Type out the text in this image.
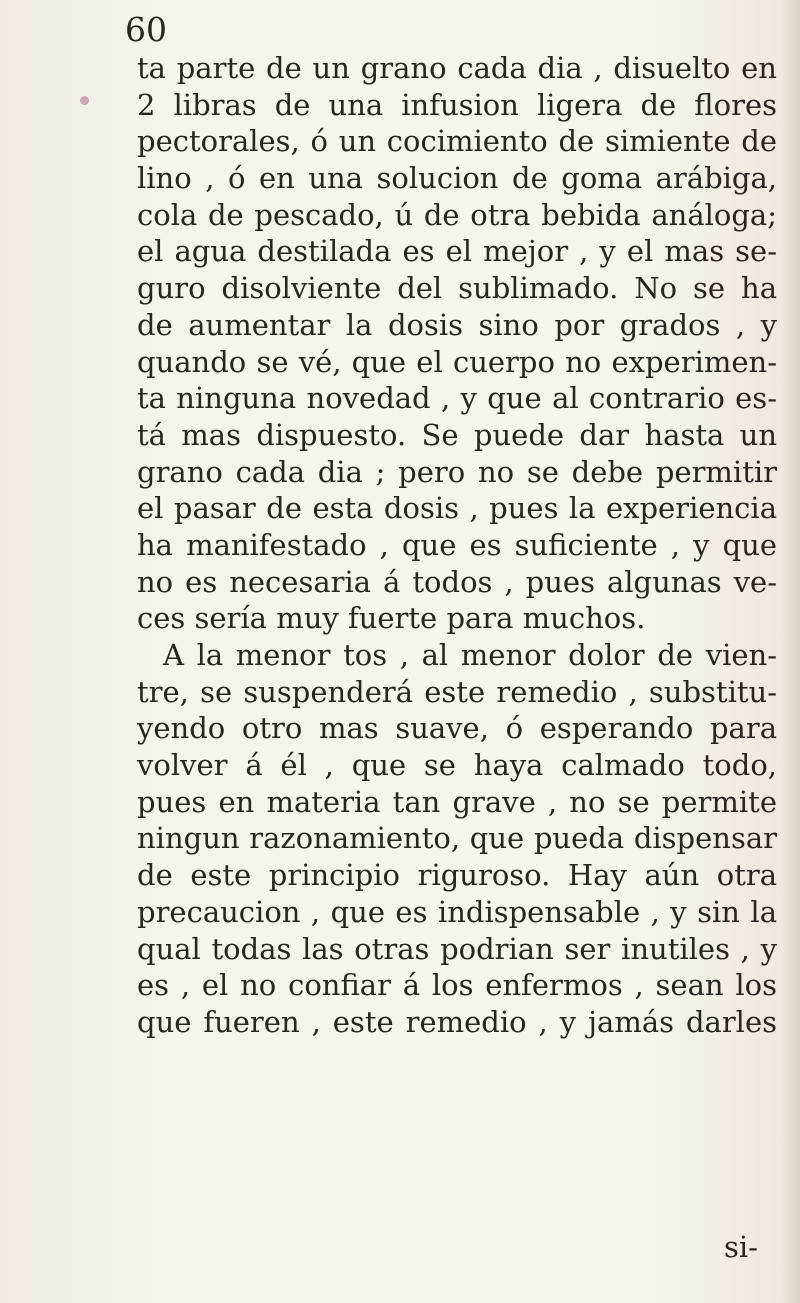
60
ta parte de un grano cada dia , disuelto en
2 libras de una infusion ligera de flores
pectorales, ó un cocimiento de simiente de
lino , ó en una solucion de goma arábiga,
cola de pescado, ú de otra bebida análoga;
el agua destilada es el mejor , y el mas se-
guro disolviente del sublimado. No se ha
de aumentar la dosis sino por grados , y
quando se vé, que el cuerpo no experimen-
ta ninguna novedad , y que al contrario es-
tá mas dispuesto. Se puede dar hasta un
grano cada dia ; pero no se debe permitir
el pasar de esta dosis , pues la experiencia
ha manifestado , que es suficiente , y que
no es necesaria á todos , pues algunas ve-
ces sería muy fuerte para muchos.
A la menor tos , al menor dolor de vien-
tre, se suspenderá este remedio , substitu-
yendo otro mas suave, ó esperando para
volver á él , que se haya calmado todo,
pues en materia tan grave , no se permite
ningun razonamiento, que pueda dispensar
de este principio riguroso. Hay aún otra
precaucion , que es indispensable , y sin la
qual todas las otras podrian ser inutiles , y
es , el no confiar á los enfermos , sean los
que fueren , este remedio , y jamás darles
si-
